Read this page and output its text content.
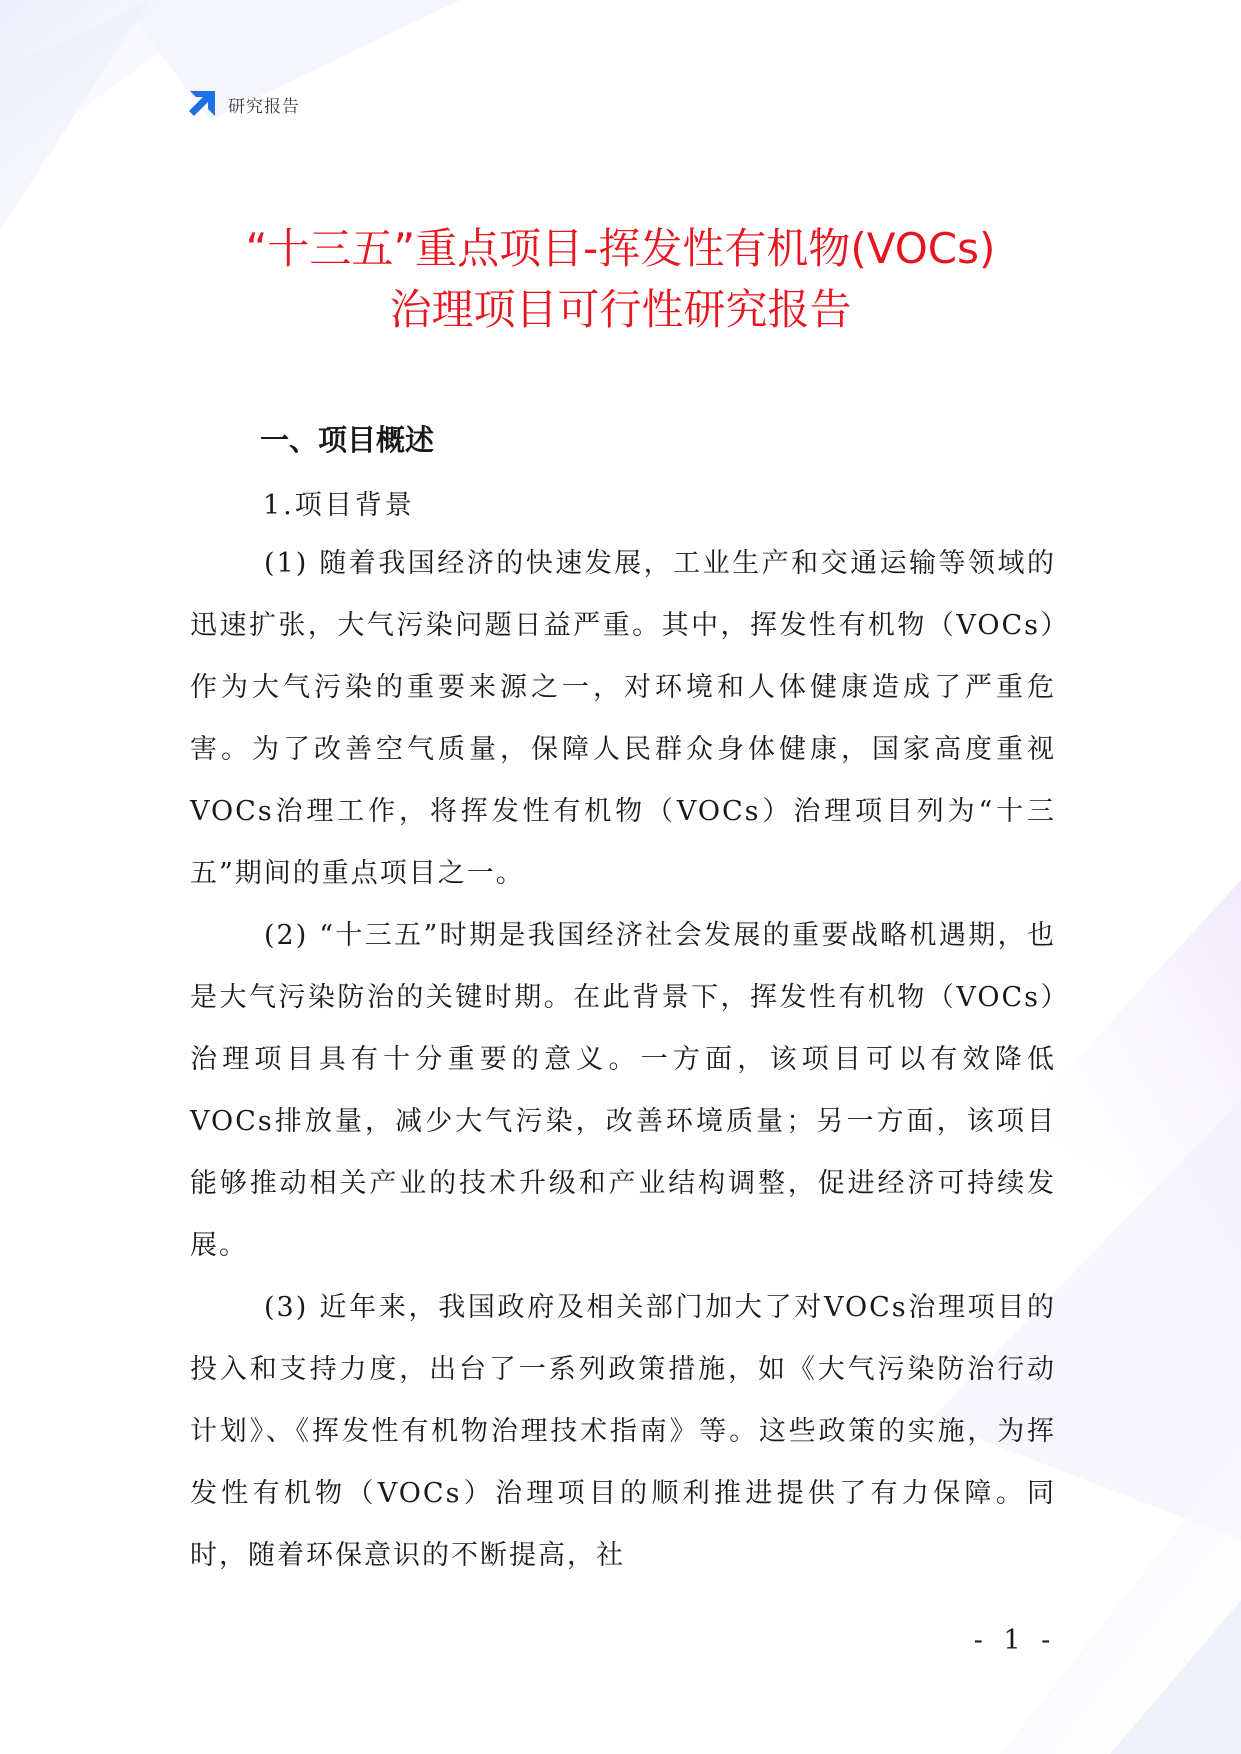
研究报告
“十三五”重点项目-挥发性有机物(VOCs)
治理项目可行性研究报告
一、项目概述
1.项目背景

(1) 随着我国经济的快速发展，工业生产和交通运输等领域的迅速扩张，大气污染问题日益严重。其中，挥发性有机物（VOCs）作为大气污染的重要来源之一，对环境和人体健康造成了严重危害。为了改善空气质量，保障人民群众身体健康，国家高度重视VOCs治理工作，将挥发性有机物（VOCs）治理项目列为“十三五”期间的重点项目之一。

(2) “十三五”时期是我国经济社会发展的重要战略机遇期，也是大气污染防治的关键时期。在此背景下，挥发性有机物（VOCs）治理项目具有十分重要的意义。一方面，该项目可以有效降低VOCs排放量，减少大气污染，改善环境质量；另一方面，该项目能够推动相关产业的技术升级和产业结构调整，促进经济可持续发展。

(3) 近年来，我国政府及相关部门加大了对VOCs治理项目的投入和支持力度，出台了一系列政策措施，如《大气污染防治行动计划》、《挥发性有机物治理技术指南》等。这些政策的实施，为挥发性有机物（VOCs）治理项目的顺利推进提供了有力保障。同时，随着环保意识的不断提高，社

- 1 -
